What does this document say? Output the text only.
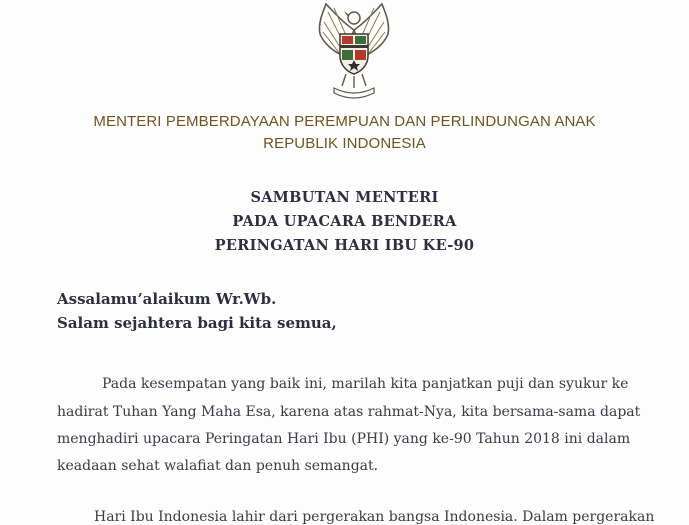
MENTERI PEMBERDAYAAN PEREMPUAN DAN PERLINDUNGAN ANAK
REPUBLIK INDONESIA
SAMBUTAN MENTERI
PADA UPACARA BENDERA
PERINGATAN HARI IBU KE-90
Assalamu’alaikum Wr.Wb.
Salam sejahtera bagi kita semua,
Pada kesempatan yang baik ini, marilah kita panjatkan puji dan syukur ke
hadirat Tuhan Yang Maha Esa, karena atas rahmat-Nya, kita bersama-sama dapat
menghadiri upacara Peringatan Hari Ibu (PHI) yang ke-90 Tahun 2018 ini dalam
keadaan sehat walafiat dan penuh semangat.
Hari Ibu Indonesia lahir dari pergerakan bangsa Indonesia. Dalam pergerakan
